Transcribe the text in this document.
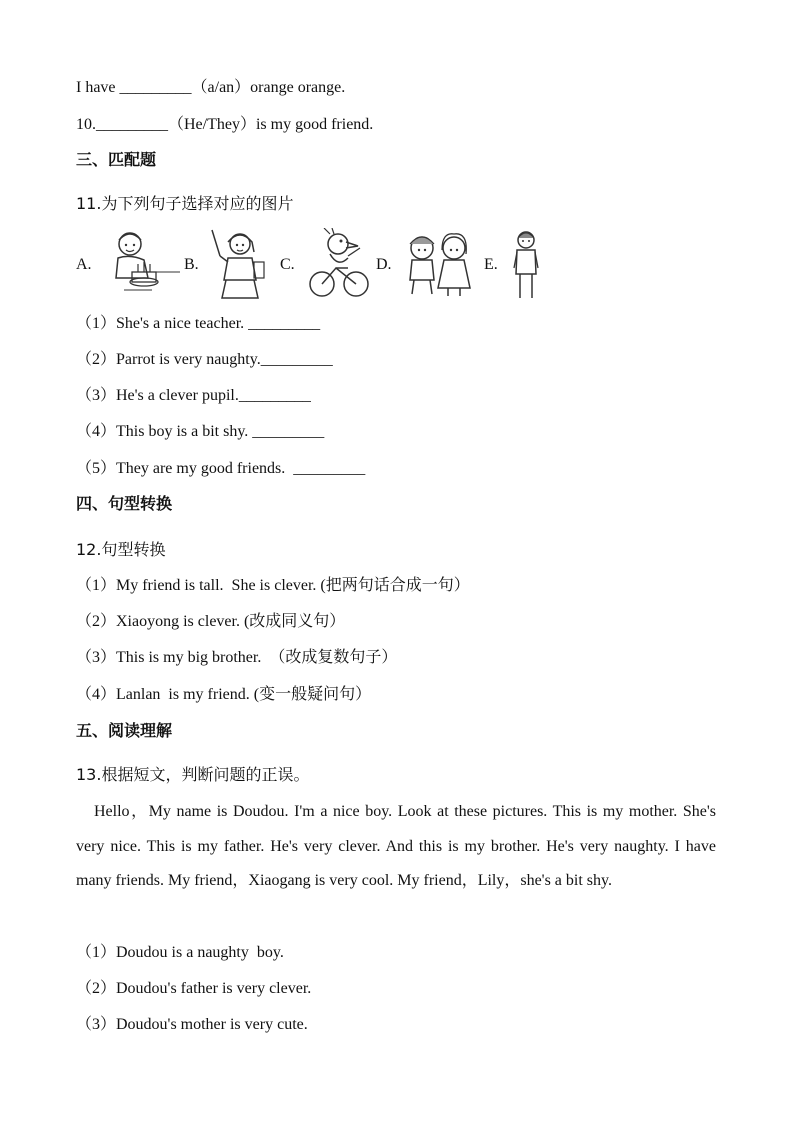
I have _________（a/an）orange orange.
10._________（He/They）is my good friend.
三、匹配题
11.为下列句子选择对应的图片
A.	B.	C.	D.	E.
（1）She's a nice teacher. _________
（2）Parrot is very naughty._________
（3）He's a clever pupil._________
（4）This boy is a bit shy. _________
（5）They are my good friends.  _________
四、句型转换
12.句型转换
（1）My friend is tall.  She is clever. (把两句话合成一句）
（2）Xiaoyong is clever. (改成同义句）
（3）This is my big brother.  （改成复数句子）
（4）Lanlan  is my friend. (变一般疑问句）
五、阅读理解
13.根据短文，判断问题的正误。
Hello，My name is Doudou. I'm a nice boy. Look at these pictures. This is my mother. She's very nice. This is my father. He's very clever. And this is my brother. He's very naughty. I have many friends. My friend，Xiaogang is very cool. My friend，Lily，she's a bit shy.
（1）Doudou is a naughty  boy.
（2）Doudou's father is very clever.
（3）Doudou's mother is very cute.
